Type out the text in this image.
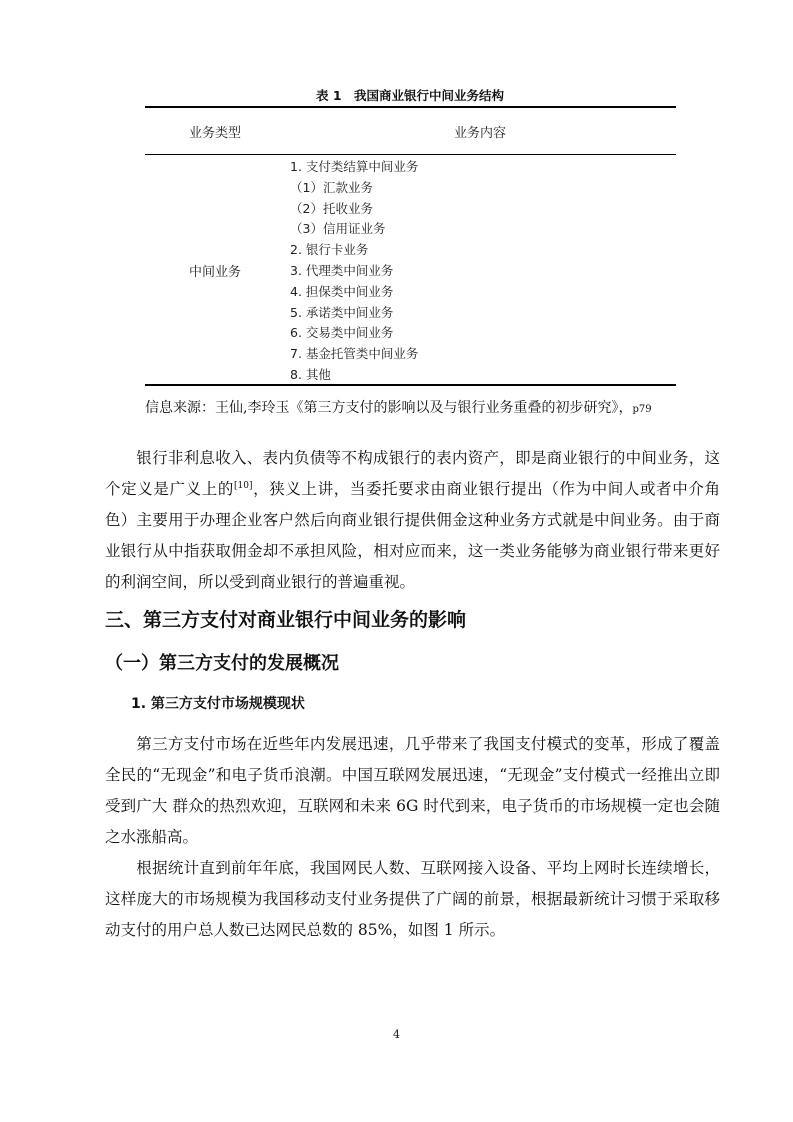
表 1　我国商业银行中间业务结构
业务类型	业务内容
中间业务
1. 支付类结算中间业务
（1）汇款业务
（2）托收业务
（3）信用证业务
2. 银行卡业务
3. 代理类中间业务
4. 担保类中间业务
5. 承诺类中间业务
6. 交易类中间业务
7. 基金托管类中间业务
8. 其他
信息来源：王仙,李玲玉《第三方支付的影响以及与银行业务重叠的初步研究》，p79

银行非利息收入、表内负债等不构成银行的表内资产，即是商业银行的中间业务，这个定义是广义上的[10]，狭义上讲，当委托要求由商业银行提出（作为中间人或者中介角色）主要用于办理企业客户然后向商业银行提供佣金这种业务方式就是中间业务。由于商业银行从中指获取佣金却不承担风险，相对应而来，这一类业务能够为商业银行带来更好的利润空间，所以受到商业银行的普遍重视。

三、第三方支付对商业银行中间业务的影响
（一）第三方支付的发展概况
1. 第三方支付市场规模现状

第三方支付市场在近些年内发展迅速，几乎带来了我国支付模式的变革，形成了覆盖全民的“无现金”和电子货币浪潮。中国互联网发展迅速，“无现金”支付模式一经推出立即受到广大 群众的热烈欢迎，互联网和未来 6G 时代到来，电子货币的市场规模一定也会随之水涨船高。

根据统计直到前年年底，我国网民人数、互联网接入设备、平均上网时长连续增长，这样庞大的市场规模为我国移动支付业务提供了广阔的前景，根据最新统计习惯于采取移动支付的用户总人数已达网民总数的 85%，如图 1 所示。

4
